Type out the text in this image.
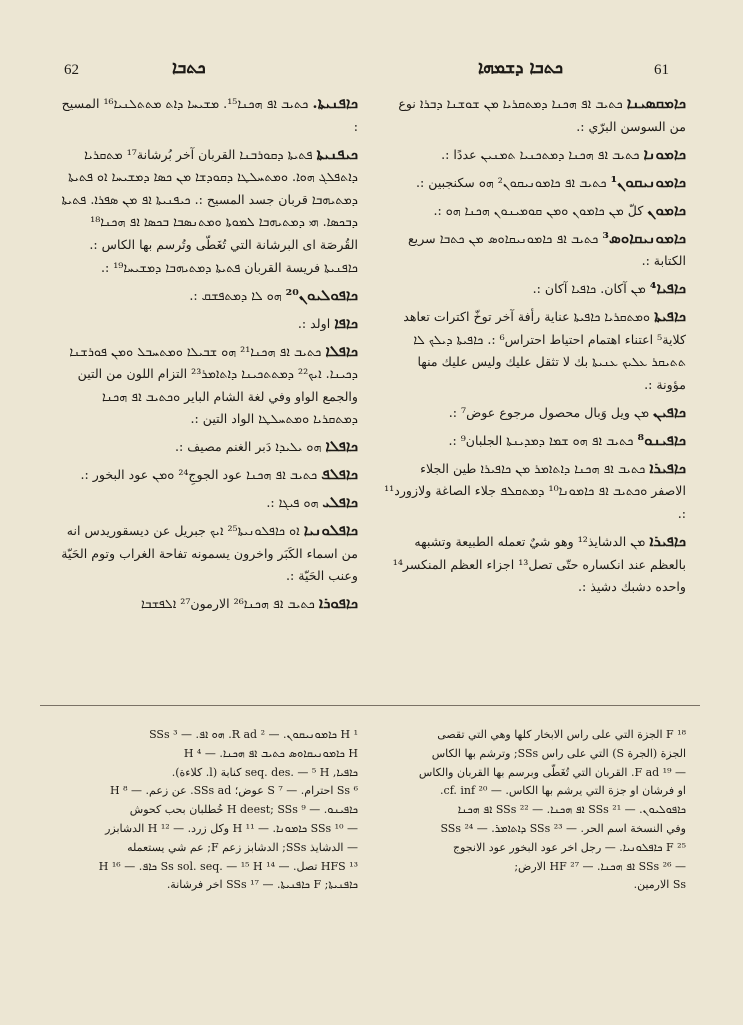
62	ܟܬܒܐ	ܟܬܒܐ ܕܫܡܗܐ	61
ܟܐܦܢܝܬܐ. ܟܬܝܒ ܐܦ ܗܟܢܐ¹⁵. ܡܫܝܚܐ ܕܐܬ ܡܬܬܠܢܝܐ¹⁶ المسيح :
ܟܝܦܢܝܬܐ ܦܬܝܬܐ ܕܩܘܪܒܢܐ القربان آخر بُرشانة¹⁷ ܡܬܩܪܝܐ ܕܐܬܦܠܓ ܗܘܐ. ܘܡܬܚܠܛܐ ܕܩܘܕܫܐ ܡܢ ܟܣܐ ܕܡܫܝܚܐ ܐܘ ܦܬܝܬܐ ܕܡܬܝܗܒܐ قربان جسد المسيح :. ܟܝܦܢܝܬܐ ܐܦ ܡܢ ܣܦܪܐ. ܦܬܝܬܐ ܕܒܟܣܐ. ܗܝ ܕܡܬܝܗܒܐ ܠܡܘܬܐ ܘܡܬܢܣܒܐ ܒܟܣܐ ܐܦ ܗܟܢܐ¹⁸ القُرصَة اى البرشانة التي تُغَطّى وتُرسم بها الكاس :. ܟܐܦܢܝܬܐ فريسة القربان ܦܬܝܬܐ ܕܡܬܝܗܒܐ ܕܡܫܝܚܐ¹⁹ :.
ܟܐܦܘܠܝܘܢ²⁰ ܗܘ ܠܐ ܕܡܬܦܫܩ :.
ܟܐܦܐ اولد :.
ܟܐܦܠܐ ܟܬܝܒ ܐܦ ܗܟܢܐ²¹ ܗܘ ܫܒܝܠܐ ܘܡܬܚܒܠ ܘܡܢ ܦܘܪܫܢܐ ܕܟܝܢܐ. ܐܝܟ²² ܕܡܬܬܟܝܢܐ ܕܐܬܐܡܪ²³ التزام اللون من التين والجمع الواو وفي لغة الشام الباير ܘܟܬܝܒ ܐܦ ܗܟܢܐ ܕܡܬܩܪܝܐ ܘܡܬܚܠܛܐ الواد التين :.
ܟܐܦܠܐ ܗܘ ܝܠܝܕܐ دَبر الغنم مصيف :.
ܟܐܦܠܦ ܟܬܝܒ ܐܦ ܗܟܢܐ عود الجوجِ²⁴ ܘܡܢ عود البخور :.
ܟܐܦܠܝ ܗܘ ܦܝܓܐ :.
ܟܐܦܠܘܢܝܐ ܐܘ ܟܐܦܠܘܢܝܬܐ²⁵ ܐܝܟ جبريل عن ديسقوريدس انه من اسماء الكَبَر واخرون يسمونه تفاحة الغراب وتوم الحَيّة وعنب الحَيّة :.
ܟܐܦܘܪܐ ܟܬܝܒ ܐܦ ܗܟܢܐ²⁶ الارمون²⁷ ܐܠܦܫܒܐ
ܟܐܡܩܣܝܢܐ ܟܬܝܒ ܐܦ ܗܟܢܐ ܕܡܬܩܪܝܐ ܡܢ ܫܘܫܢܐ ܕܒܪܐ نوع من السوسن البرّي :.
ܟܐܡܘܢܐ ܟܬܝܒ ܐܦ ܗܟܢܐ ܕܡܬܟܢܝܐ ܬܡܢܝܢ عددًا :.
ܟܐܡܘܢܝܩܘܢ¹ ܟܬܝܒ ܐܦ ܟܐܡܘܢܝܩܘܢ² ܗܘ سكنجبين :.
ܟܐܡܘܢ كلّ ܡܢ ܟܐܡܘܢ ܘܡܢ ܩܘܡܝܢܘܢ ܗܟܢܐ ܗܘ :.
ܟܐܡܘܢܝܩܐܘܣ³ ܟܬܝܒ ܐܦ ܟܐܡܘܢܝܩܐܘܣ ܡܢ ܟܬܒܐ سريع الكتابة :.
ܟܐܦܝܐ⁴ ܡܢ آكان. ܟܐܦܝܐ آكان :.
ܟܐܦܝܬܐ ܘܡܬܩܪܝܐ ܟܐܦܝܬܐ عناية رأفة آخر توخّ اكترات تعاهد كلاية⁵ اعتناء اهتمام احتياط احتراس⁶ :. ܟܐܦܝܬܐ ܕܝܠܟ ܠܐ ܬܬܝܩܪ ܥܠܝܟ ܥܢܝܬܐ بك لا تثقل عليك وليس عليك منها مؤونة :.
ܟܐܦܝܢ ܡܢ ويل وَبال محصول مرجوع عوض⁷ :.
ܟܐܦܝܢܘ⁸ ܟܬܝܒ ܐܦ ܗܘ ܫܡܐ ܕܡܕܝܢܬܐ الجلبان⁹ :.
ܟܐܦܝܪܐ ܟܬܝܒ ܐܦ ܗܟܢܐ ܕܐܬܐܡܪ ܡܢ ܟܐܦܝܪܐ طين الجلاء الاصفر ܘܟܬܝܒ ܐܦ ܟܐܡܘܢܐ¹⁰ ܕܡܬܩܠܦ جلاء الصاغة ولازورد¹¹ :.
ܟܐܦܝܪܐ ܡܢ الدشايذ¹² وهو شيٌ تعمله الطبيعة وتشبهه بالعظم عند انكساره حتّى تصل¹³ اجزاء العظم المنكسر¹⁴ واحده دشبك دشيذ :.
¹ H ܟܐܡܘܢܝܩܘܢ. — ² R ad. ܗܘ ܐܦ. — ³ SSs
H ܟܐܡܘܢܝܩܐܘܣ ܟܬܝܒ ܐܦ ܗܟܢܐ. — ⁴ H
ܟܐܦܝܐ, seq. des. — ⁵ H كنابة (l. كلاءة).
⁶ Ss احترام. — ⁷ S عوض؛ SSs ad. عن زعم. — ⁸ H
ܟܐܦܝܢܘ. — ⁹ H deest; SSs خُطلبان بحب كحوش
— ¹⁰ SSs ܟܐܡܘܢܐ. — ¹¹ H وكل زرد. — ¹² H الدشابزر
— الدشايذ SSs; الدشابز زعم F; عم شي يستعمله
¹³ HFS تصل. — ¹⁴ Ss sol. seq. — ¹⁵ H ܟܐܦ. — ¹⁶ H
ܟܐܦܢܝܬܐ; F ܟܐܦܢܝܬܐ. — ¹⁷ SSs اخر فرشانة.
¹⁸ F الجزة التي على راس الابخار كلها وهي التي تقصى
الجزة (الجرة S) التي على راس SSs; وترشم بها الكاس
— ¹⁹ F ad. القربان التي تُغَطّى وبرسم بها القربان والكاس
او فرشان او جزة التي يرشم بها الكاس. — ²⁰ cf. inf.
ܟܐܦܘܠܝܘܢ. — ²¹ SSs ܐܦ ܗܟܢܐ. — ²² SSs ܐܦ ܗܟܢܐ
وفي النسخة اسم الحر. — ²³ SSs ܕܐܬܐܡܪ. — ²⁴ SSs
²⁵ F ܟܐܦܠܘܢܝܐ. — رجل اخر عود البخور عود الانجوج
— ²⁶ SSs ܐܦ ܗܟܢܐ. — ²⁷ HF الارض;
Ss الارمين.
